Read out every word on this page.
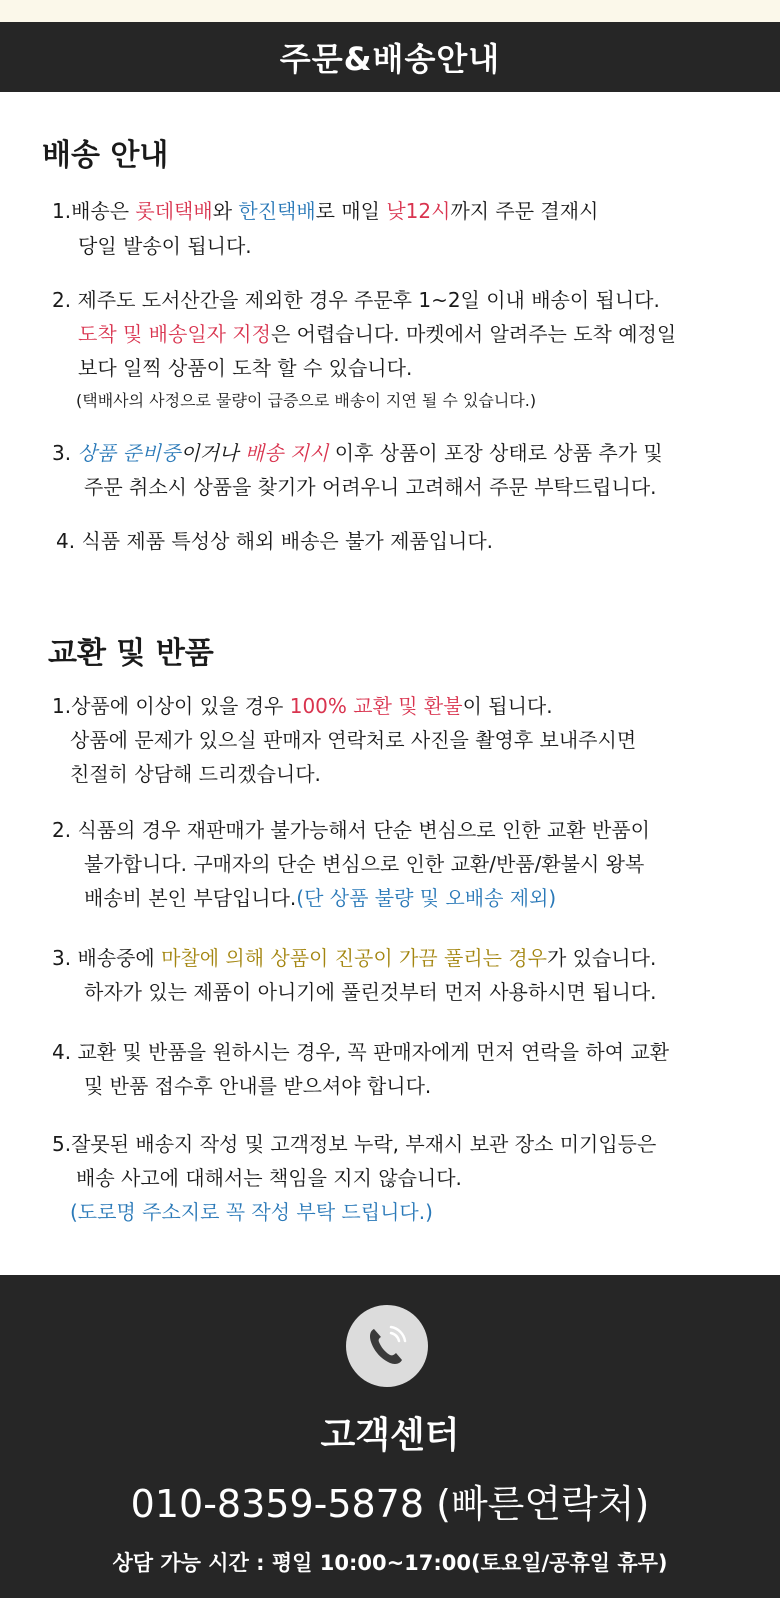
주문&배송안내
배송 안내
1.배송은 롯데택배와 한진택배로 매일 낮12시까지 주문 결재시
당일 발송이 됩니다.
2. 제주도 도서산간을 제외한 경우 주문후 1~2일 이내 배송이 됩니다.
도착 및 배송일자 지정은 어렵습니다. 마켓에서 알려주는 도착 예정일
보다 일찍 상품이 도착 할 수 있습니다.
(택배사의 사정으로 물량이 급증으로 배송이 지연 될 수 있습니다.)
3. 상품 준비중이거나 배송 지시 이후 상품이 포장 상태로 상품 추가 및
주문 취소시 상품을 찾기가 어려우니 고려해서 주문 부탁드립니다.
4. 식품 제품 특성상 해외 배송은 불가 제품입니다.
교환 및 반품
1.상품에 이상이 있을 경우 100% 교환 및 환불이 됩니다.
상품에 문제가 있으실 판매자 연락처로 사진을 촬영후 보내주시면
친절히 상담해 드리겠습니다.
2. 식품의 경우 재판매가 불가능해서 단순 변심으로 인한 교환 반품이
불가합니다. 구매자의 단순 변심으로 인한 교환/반품/환불시 왕복
배송비 본인 부담입니다.(단 상품 불량 및 오배송 제외)
3. 배송중에 마찰에 의해 상품이 진공이 가끔 풀리는 경우가 있습니다.
하자가 있는 제품이 아니기에 풀린것부터 먼저 사용하시면 됩니다.
4. 교환 및 반품을 원하시는 경우, 꼭 판매자에게 먼저 연락을 하여 교환
및 반품 접수후 안내를 받으셔야 합니다.
5.잘못된 배송지 작성 및 고객정보 누락, 부재시 보관 장소 미기입등은
배송 사고에 대해서는 책임을 지지 않습니다.
(도로명 주소지로 꼭 작성 부탁 드립니다.)
고객센터
010-8359-5878 (빠른연락처)
상담 가능 시간 : 평일 10:00~17:00(토요일/공휴일 휴무)
